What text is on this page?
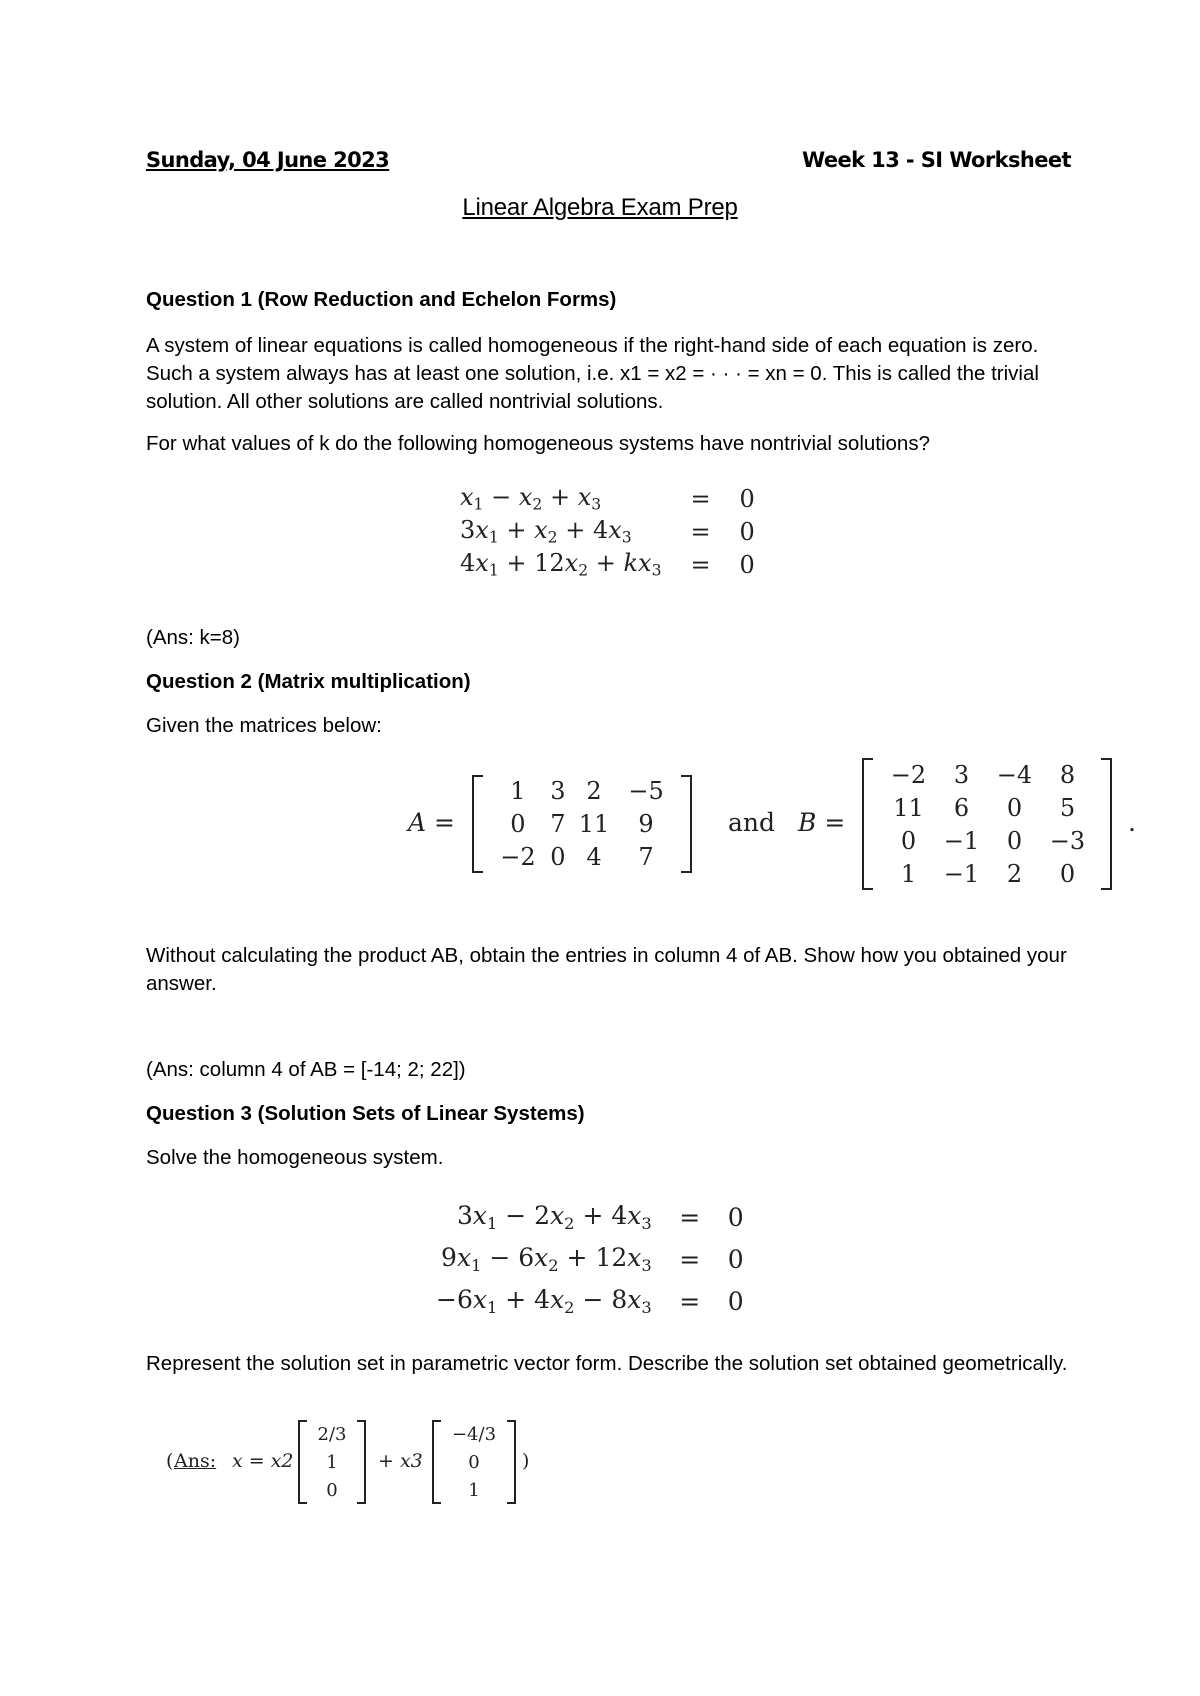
Sunday, 04 June 2023	Week 13 - SI Worksheet
Linear Algebra Exam Prep
Question 1 (Row Reduction and Echelon Forms)
A system of linear equations is called homogeneous if the right-hand side of each equation is zero. Such a system always has at least one solution, i.e. x1 = x2 = · · · = xn = 0. This is called the trivial solution. All other solutions are called nontrivial solutions.
For what values of k do the following homogeneous systems have nontrivial solutions?
$x_1 - x_2 + x_3$	=	0
$3x_1 + x_2 + 4x_3$	=	0
$4x_1 + 12x_2 + kx_3$	=	0
(Ans: k=8)
Question 2 (Matrix multiplication)
Given the matrices below:
A =
1	3	2	−5
0	7	11	9
−2	0	4	7
and B =
−2	3	−4	8
11	6	0	5
0	−1	0	−3
1	−1	2	0
.
Without calculating the product AB, obtain the entries in column 4 of AB. Show how you obtained your answer.
(Ans: column 4 of AB = [-14; 2; 22])
Question 3 (Solution Sets of Linear Systems)
Solve the homogeneous system.
$3x_1 - 2x_2 + 4x_3$	=	0
$9x_1 - 6x_2 + 12x_3$	=	0
$-6x_1 + 4x_2 - 8x_3$	=	0
Represent the solution set in parametric vector form. Describe the solution set obtained geometrically.
( Ans: x = x2
2/3
1
0
+ x3
−4/3
0
1
)
